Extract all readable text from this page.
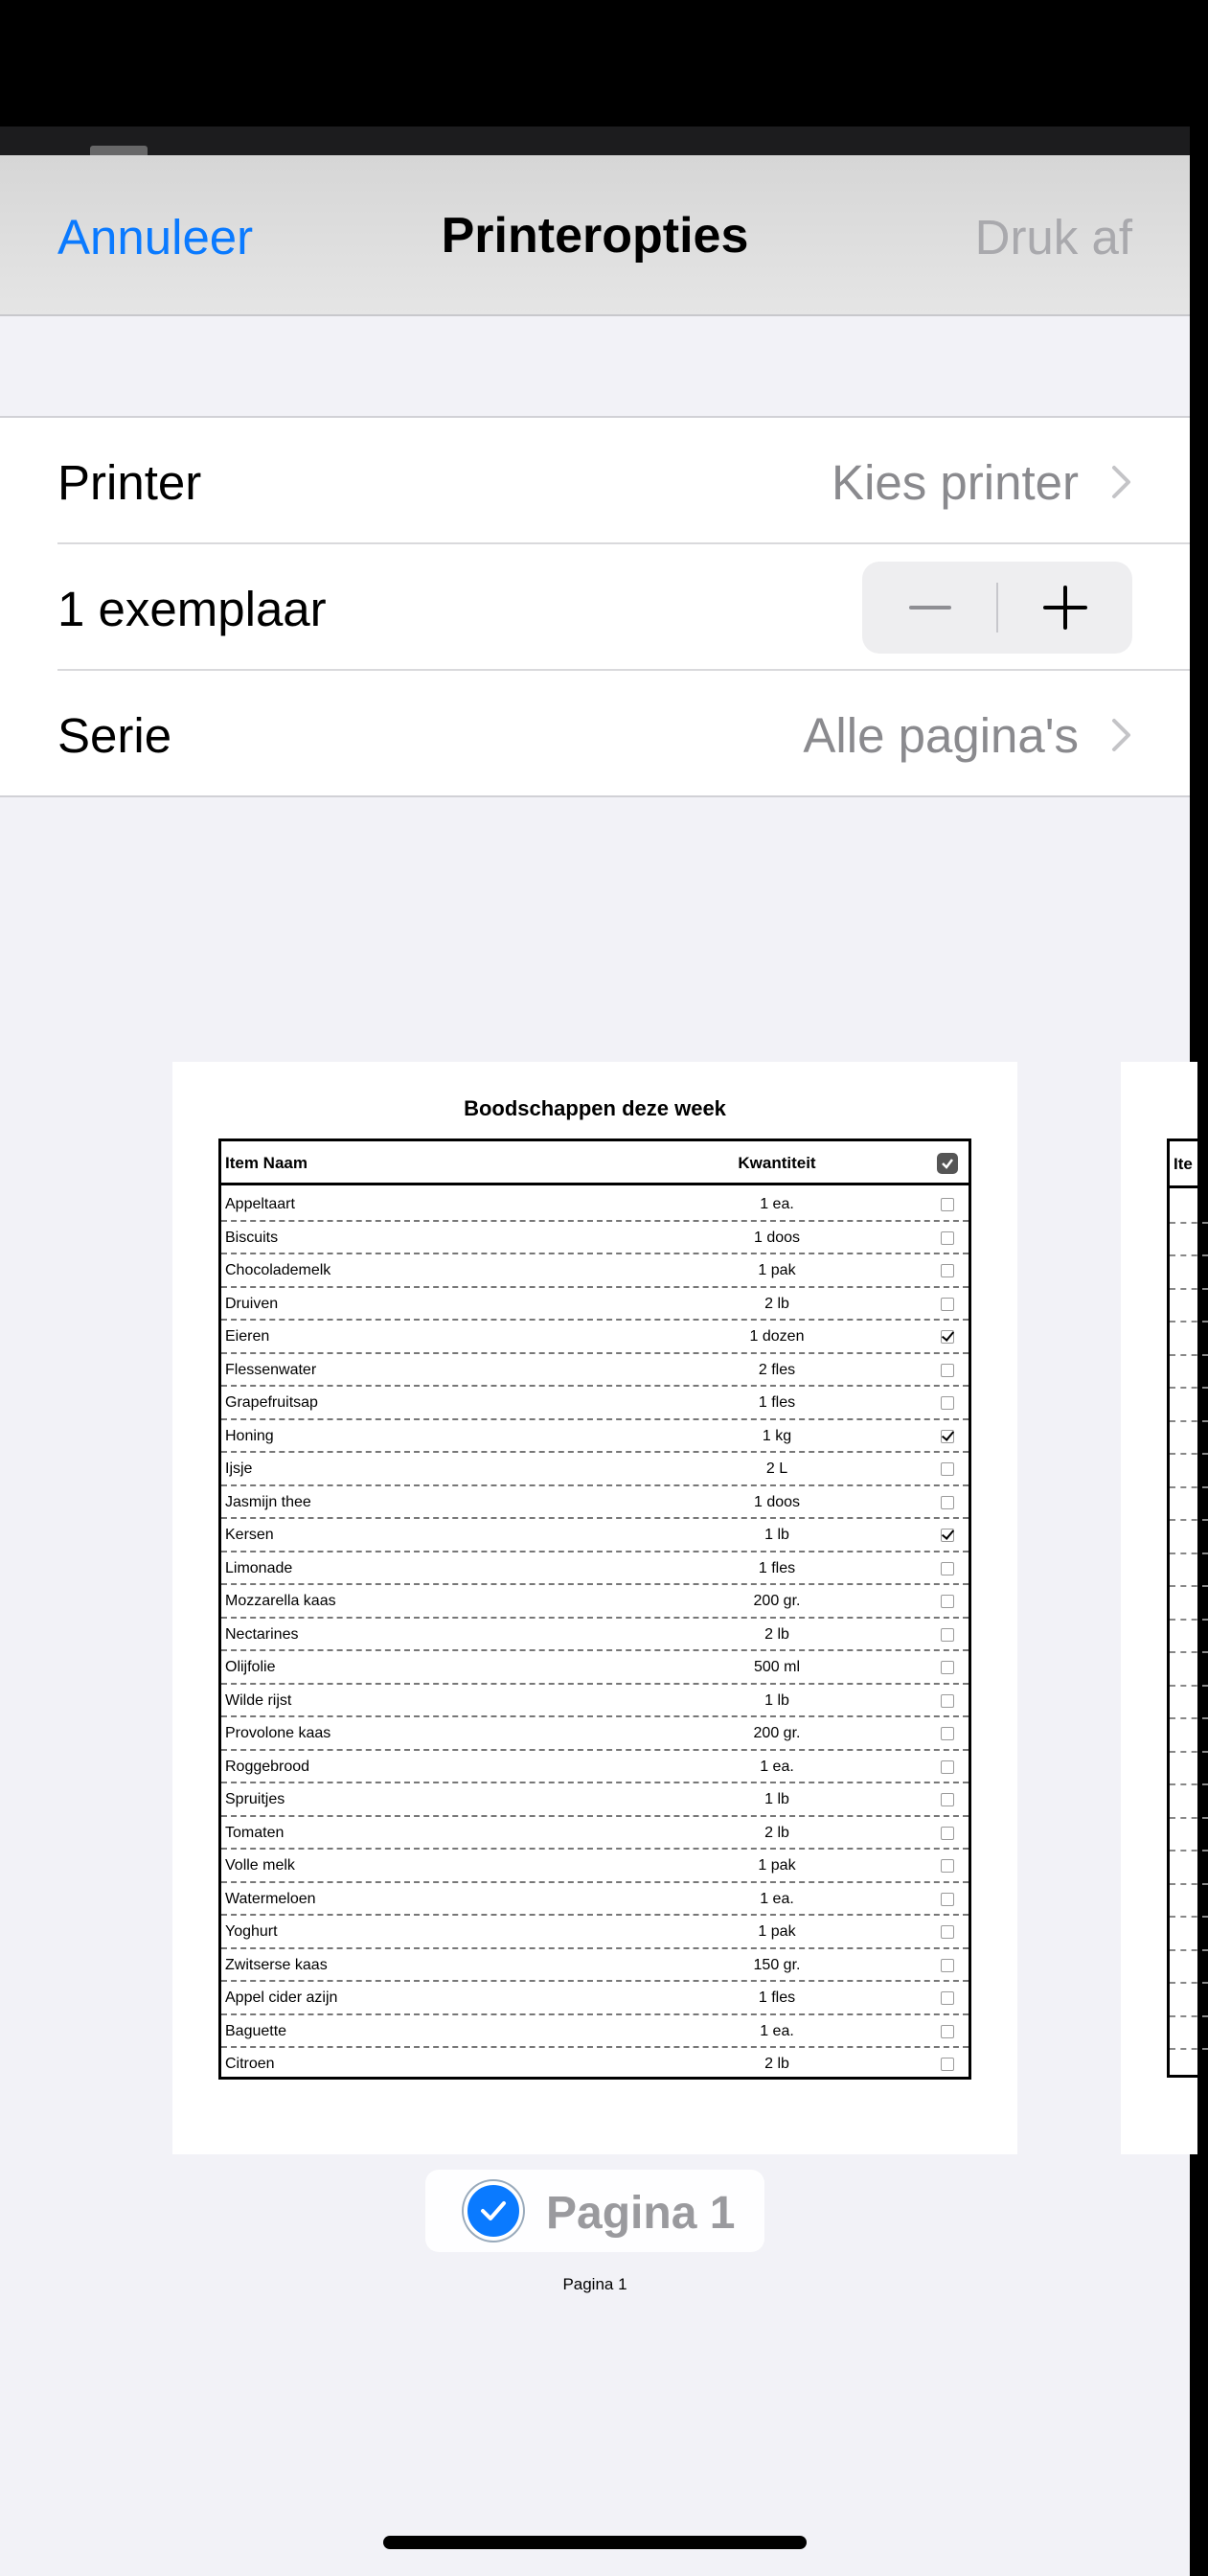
Annuleer	Printeropties	Druk af
Printer	Kies printer
1 exemplaar
Serie	Alle pagina's
Boodschappen deze week
Item Naam	Kwantiteit
Appeltaart	1 ea.
Biscuits	1 doos
Chocolademelk	1 pak
Druiven	2 lb
Eieren	1 dozen
Flessenwater	2 fles
Grapefruitsap	1 fles
Honing	1 kg
Ijsje	2 L
Jasmijn thee	1 doos
Kersen	1 lb
Limonade	1 fles
Mozzarella kaas	200 gr.
Nectarines	2 lb
Olijfolie	500 ml
Wilde rijst	1 lb
Provolone kaas	200 gr.
Roggebrood	1 ea.
Spruitjes	1 lb
Tomaten	2 lb
Volle melk	1 pak
Watermeloen	1 ea.
Yoghurt	1 pak
Zwitserse kaas	150 gr.
Appel cider azijn	1 fles
Baguette	1 ea.
Citroen	2 lb
Pagina 1
Ite
Pagina 1
